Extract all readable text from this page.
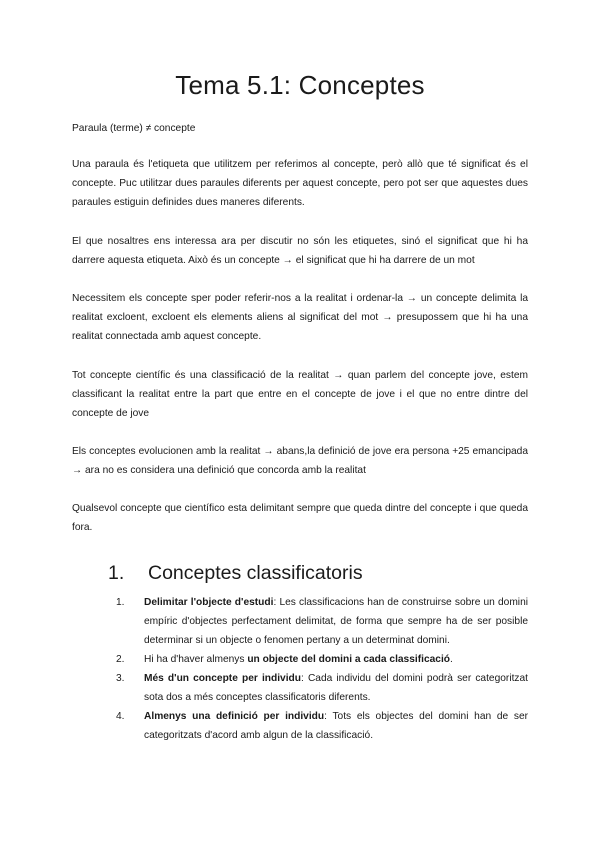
Tema 5.1: Conceptes

Paraula (terme) ≠ concepte

Una paraula és l'etiqueta que utilitzem per referimos al concepte, però allò que té significat és el concepte. Puc utilitzar dues paraules diferents per aquest concepte, pero pot ser que aquestes dues paraules estiguin definides dues maneres diferents.

El que nosaltres ens interessa ara per discutir no són les etiquetes, sinó el significat que hi ha darrere aquesta etiqueta. Això és un concepte → el significat que hi ha darrere de un mot

Necessitem els concepte sper poder referir-nos a la realitat i ordenar-la → un concepte delimita la realitat excloent, excloent els elements aliens al significat del mot → presupossem que hi ha una realitat connectada amb aquest concepte.

Tot concepte científic és una classificació de la realitat → quan parlem del concepte jove, estem classificant la realitat entre la part que entre en el concepte de jove i el que no entre dintre del concepte de jove

Els conceptes evolucionen amb la realitat → abans,la definició de jove era persona +25 emancipada → ara no es considera una definició que concorda amb la realitat

Qualsevol concepte que científico esta delimitant sempre que queda dintre del concepte i que queda fora.

1. Conceptes classificatoris
1. Delimitar l'objecte d'estudi: Les classificacions han de construirse sobre un domini empíric d'objectes perfectament delimitat, de forma que sempre ha de ser posible determinar si un objecte o fenomen pertany a un determinat domini.
2. Hi ha d'haver almenys un objecte del domini a cada classificació.
3. Més d'un concepte per individu: Cada individu del domini podrà ser categoritzat sota dos a més conceptes classificatoris diferents.
4. Almenys una definició per individu: Tots els objectes del domini han de ser categoritzats d'acord amb algun de la classificació.
